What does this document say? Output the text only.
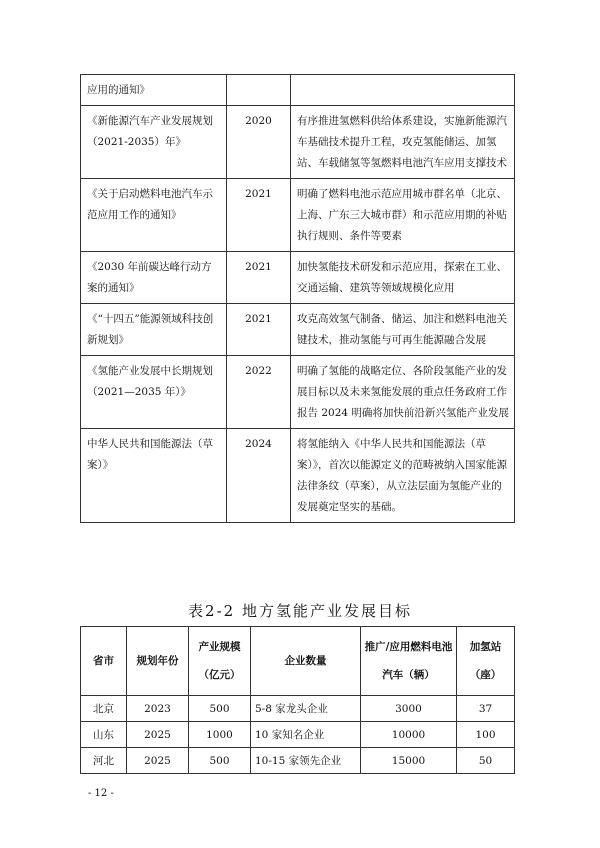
应用的通知》		
《新能源汽车产业发展规划（2021-2035）年》	2020	有序推进氢燃料供给体系建设，实施新能源汽车基础技术提升工程，攻克氢能储运、加氢站、车载储氢等氢燃料电池汽车应用支撑技术
《关于启动燃料电池汽车示范应用工作的通知》	2021	明确了燃料电池示范应用城市群名单（北京、上海、广东三大城市群）和示范应用期的补贴执行规则、条件等要素
《2030 年前碳达峰行动方案的通知》	2021	加快氢能技术研发和示范应用，探索在工业、交通运输、建筑等领域规模化应用
《“十四五”能源领域科技创新规划》	2021	攻克高效氢气制备、储运、加注和燃料电池关键技术，推动氢能与可再生能源融合发展
《氢能产业发展中长期规划（2021—2035 年）》	2022	明确了氢能的战略定位、各阶段氢能产业的发展目标以及未来氢能发展的重点任务政府工作报告 2024 明确将加快前沿新兴氢能产业发展
中华人民共和国能源法（草案）》	2024	将氢能纳入《中华人民共和国能源法（草案）》，首次以能源定义的范畴被纳入国家能源法律条纹（草案），从立法层面为氢能产业的发展奠定坚实的基础。
表2-2 地方氢能产业发展目标
省市	规划年份	产业规模（亿元）	企业数量	推广/应用燃料电池汽车（辆）	加氢站（座）
北京	2023	500	5-8 家龙头企业	3000	37
山东	2025	1000	10 家知名企业	10000	100
河北	2025	500	10-15 家领先企业	15000	50
- 12 -
